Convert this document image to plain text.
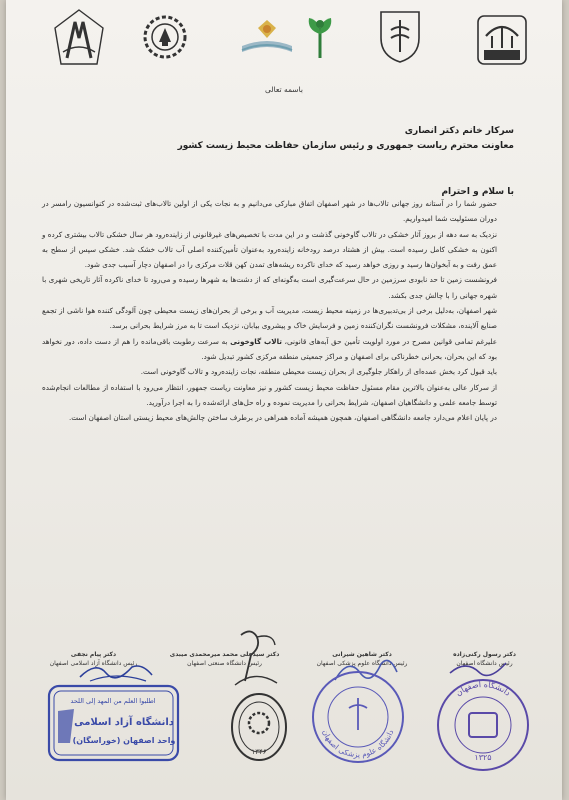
باسمه تعالی
سرکار خانم دکتر انصاری
معاونت محترم ریاست جمهوری و رئیس سازمان حفاظت محیط زیست کشور
با سلام و احترام

حضور شما را در آستانه روز جهانی تالاب‌ها در شهر اصفهان اتفاق مبارکی می‌دانیم و به نجات یکی از اولین تالاب‌های ثبت‌شده در کنوانسیون رامسر در دوران مسئولیت شما امیدواریم.

نزدیک به سه دهه از بروز آثار خشکی در تالاب گاوخونی گذشت و در این مدت با تخصیص‌های غیرقانونی از زاینده‌رود هر سال خشکی تالاب بیشتری کرده و اکنون به خشکی کامل رسیده است. بیش از هشتاد درصد رودخانه زاینده‌رود به‌عنوان تأمین‌کننده اصلی آب تالاب خشک شد. خشکی سپس از سطح به عمق رفت و به آبخوان‌ها رسید و روزی خواهد رسید که خدای ناکرده ریشه‌های تمدن کهن قلات مرکزی را در اصفهان دچار آسیب جدی شود.

فرونشست زمین تا حد نابودی سرزمین در حال سرعت‌گیری است به‌گونه‌ای که از دشت‌ها به شهرها رسیده و می‌رود تا خدای ناکرده آثار تاریخی شهری با شهره جهانی را با چالش جدی بکشد.

شهر اصفهان، به‌دلیل برخی از بی‌تدبیری‌ها در زمینه محیط زیست، مدیریت آب و برخی از بحران‌های زیست محیطی چون آلودگی کننده هوا ناشی از تجمع صنایع آلاینده، مشکلات فرونشست نگران‌کننده زمین و فرسایش خاک و پیشروی بیابان، نزدیک است تا به مرز شرایط بحرانی برسد.

علیرغم تمامی قوانین مصرح در مورد اولویت تأمین حق آبه‌های قانونی، تالاب گاوخونی به سرعت رطوبت باقی‌مانده را هم از دست داده، دور نخواهد بود که این بحران، بحرانی خطرناکی برای اصفهان و مراکز جمعیتی منطقه مرکزی کشور تبدیل شود.

باید قبول کرد بخش عمده‌ای از راهکار جلوگیری از بحران زیست محیطی منطقه، نجات زاینده‌رود و تالاب گاوخونی است.

از سرکار عالی به‌عنوان بالاترین مقام مسئول حفاظت محیط زیست کشور و نیز معاونت ریاست جمهور، انتظار می‌رود با استفاده از مطالعات انجام‌شده توسط جامعه علمی و دانشگاهیان اصفهان، شرایط بحرانی را مدیریت نموده و راه حل‌های ارائه‌شده را به اجرا درآورید.

در پایان اعلام می‌دارد جامعه دانشگاهی اصفهان، همچون همیشه آماده همراهی در برطرف ساختن چالش‌های محیط زیستی استان اصفهان است.

دکتر رسول رکنی‌زاده
رئیس دانشگاه اصفهان
دکتر شاهین شیرانی
رئیس دانشگاه علوم پزشکی اصفهان
دکتر سیدعلی محمد میرمحمدی میبدی
رئیس دانشگاه صنعتی اصفهان
دکتر پیام نجفی
رئیس دانشگاه آزاد اسلامی اصفهان
اطلبوا العلم من المهد إلی اللحد
دانشگاه آزاد اسلامی
واحد اصفهان (خوراسگان)
۱۳۴۶
دانشگاه علوم پزشکی اصفهان
دانشگاه اصفهان
۱۳۲۵
